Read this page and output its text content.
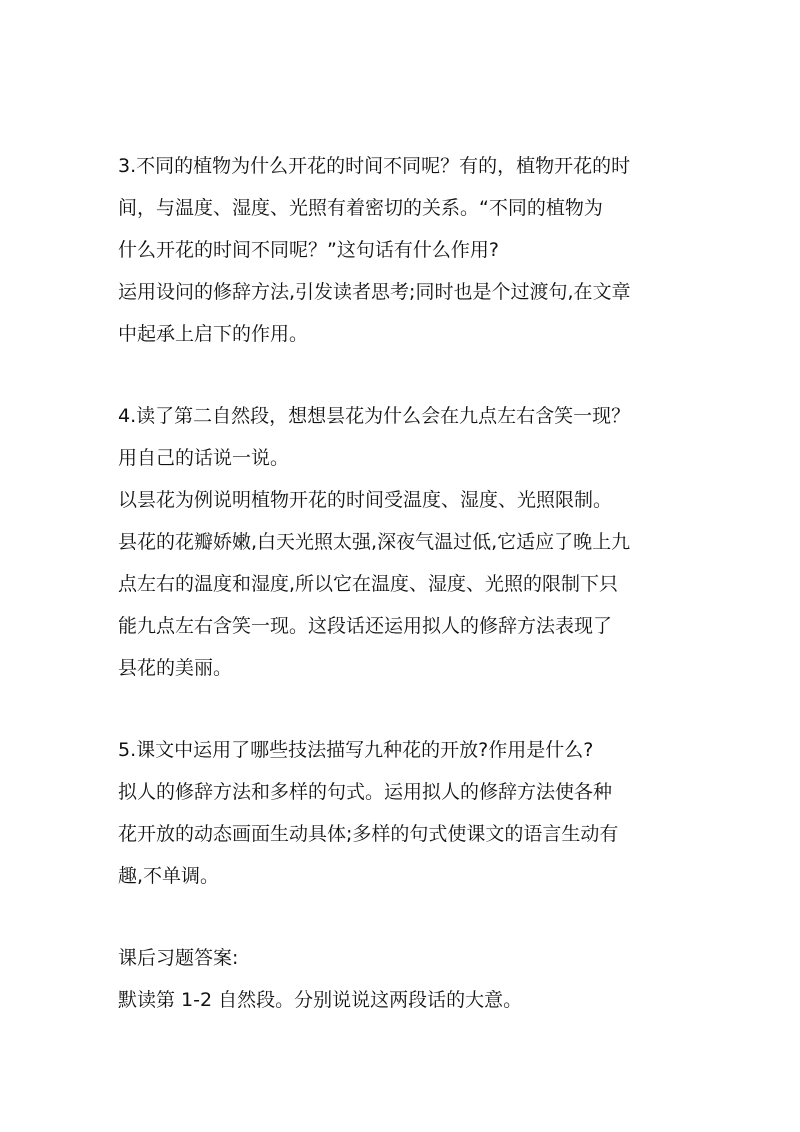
3.不同的植物为什么开花的时间不同呢？有的，植物开花的时
间，与温度、湿度、光照有着密切的关系。“不同的植物为
什么开花的时间不同呢？”这句话有什么作用?
运用设问的修辞方法,引发读者思考;同时也是个过渡句,在文章
中起承上启下的作用。
4.读了第二自然段，想想昙花为什么会在九点左右含笑一现？
用自己的话说一说。
以昙花为例说明植物开花的时间受温度、湿度、光照限制。
县花的花瓣娇嫩,白天光照太强,深夜气温过低,它适应了晚上九
点左右的温度和湿度,所以它在温度、湿度、光照的限制下只
能九点左右含笑一现。这段话还运用拟人的修辞方法表现了
县花的美丽。
5.课文中运用了哪些技法描写九种花的开放?作用是什么?
拟人的修辞方法和多样的句式。运用拟人的修辞方法使各种
花开放的动态画面生动具体;多样的句式使课文的语言生动有
趣,不单调。
课后习题答案:
默读第 1-2 自然段。分别说说这两段话的大意。
